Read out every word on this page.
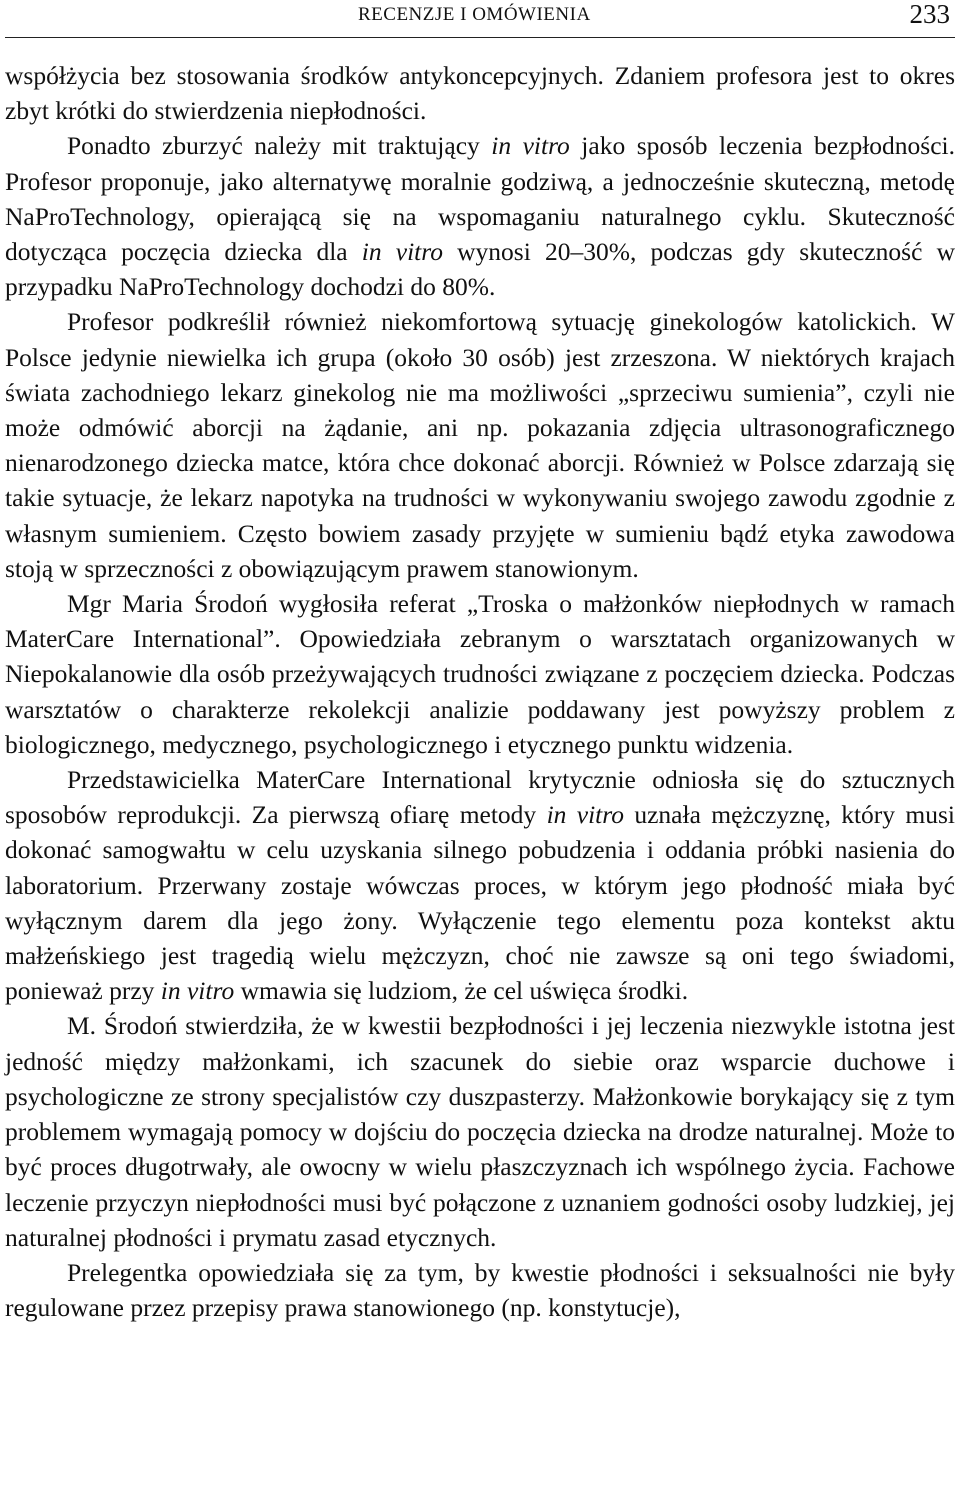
RECENZJE I OMÓWIENIA	233

współżycia bez stosowania środków antykoncepcyjnych. Zdaniem profesora jest to okres zbyt krótki do stwierdzenia niepłodności.

Ponadto zburzyć należy mit traktujący in vitro jako sposób leczenia bezpłodności. Profesor proponuje, jako alternatywę moralnie godziwą, a jednocześnie skuteczną, metodę NaProTechnology, opierającą się na wspomaganiu naturalnego cyklu. Skuteczność dotycząca poczęcia dziecka dla in vitro wynosi 20–30%, podczas gdy skuteczność w przypadku NaProTechnology dochodzi do 80%.

Profesor podkreślił również niekomfortową sytuację ginekologów katolickich. W Polsce jedynie niewielka ich grupa (około 30 osób) jest zrzeszona. W niektórych krajach świata zachodniego lekarz ginekolog nie ma możliwości „sprzeciwu sumienia”, czyli nie może odmówić aborcji na żądanie, ani np. pokazania zdjęcia ultrasonograficznego nienarodzonego dziecka matce, która chce dokonać aborcji. Również w Polsce zdarzają się takie sytuacje, że lekarz napotyka na trudności w wykonywaniu swojego zawodu zgodnie z własnym sumieniem. Często bowiem zasady przyjęte w sumieniu bądź etyka zawodowa stoją w sprzeczności z obowiązującym prawem stanowionym.

Mgr Maria Środoń wygłosiła referat „Troska o małżonków niepłodnych w ramach MaterCare International”. Opowiedziała zebranym o warsztatach organizowanych w Niepokalanowie dla osób przeżywających trudności związane z poczęciem dziecka. Podczas warsztatów o charakterze rekolekcji analizie poddawany jest powyższy problem z biologicznego, medycznego, psychologicznego i etycznego punktu widzenia.

Przedstawicielka MaterCare International krytycznie odniosła się do sztucznych sposobów reprodukcji. Za pierwszą ofiarę metody in vitro uznała mężczyznę, który musi dokonać samogwałtu w celu uzyskania silnego pobudzenia i oddania próbki nasienia do laboratorium. Przerwany zostaje wówczas proces, w którym jego płodność miała być wyłącznym darem dla jego żony. Wyłączenie tego elementu poza kontekst aktu małżeńskiego jest tragedią wielu mężczyzn, choć nie zawsze są oni tego świadomi, ponieważ przy in vitro wmawia się ludziom, że cel uświęca środki.

M. Środoń stwierdziła, że w kwestii bezpłodności i jej leczenia niezwykle istotna jest jedność między małżonkami, ich szacunek do siebie oraz wsparcie duchowe i psychologiczne ze strony specjalistów czy duszpasterzy. Małżonkowie borykający się z tym problemem wymagają pomocy w dojściu do poczęcia dziecka na drodze naturalnej. Może to być proces długotrwały, ale owocny w wielu płaszczyznach ich wspólnego życia. Fachowe leczenie przyczyn niepłodności musi być połączone z uznaniem godności osoby ludzkiej, jej naturalnej płodności i prymatu zasad etycznych.

Prelegentka opowiedziała się za tym, by kwestie płodności i seksualności nie były regulowane przez przepisy prawa stanowionego (np. konstytucje),
